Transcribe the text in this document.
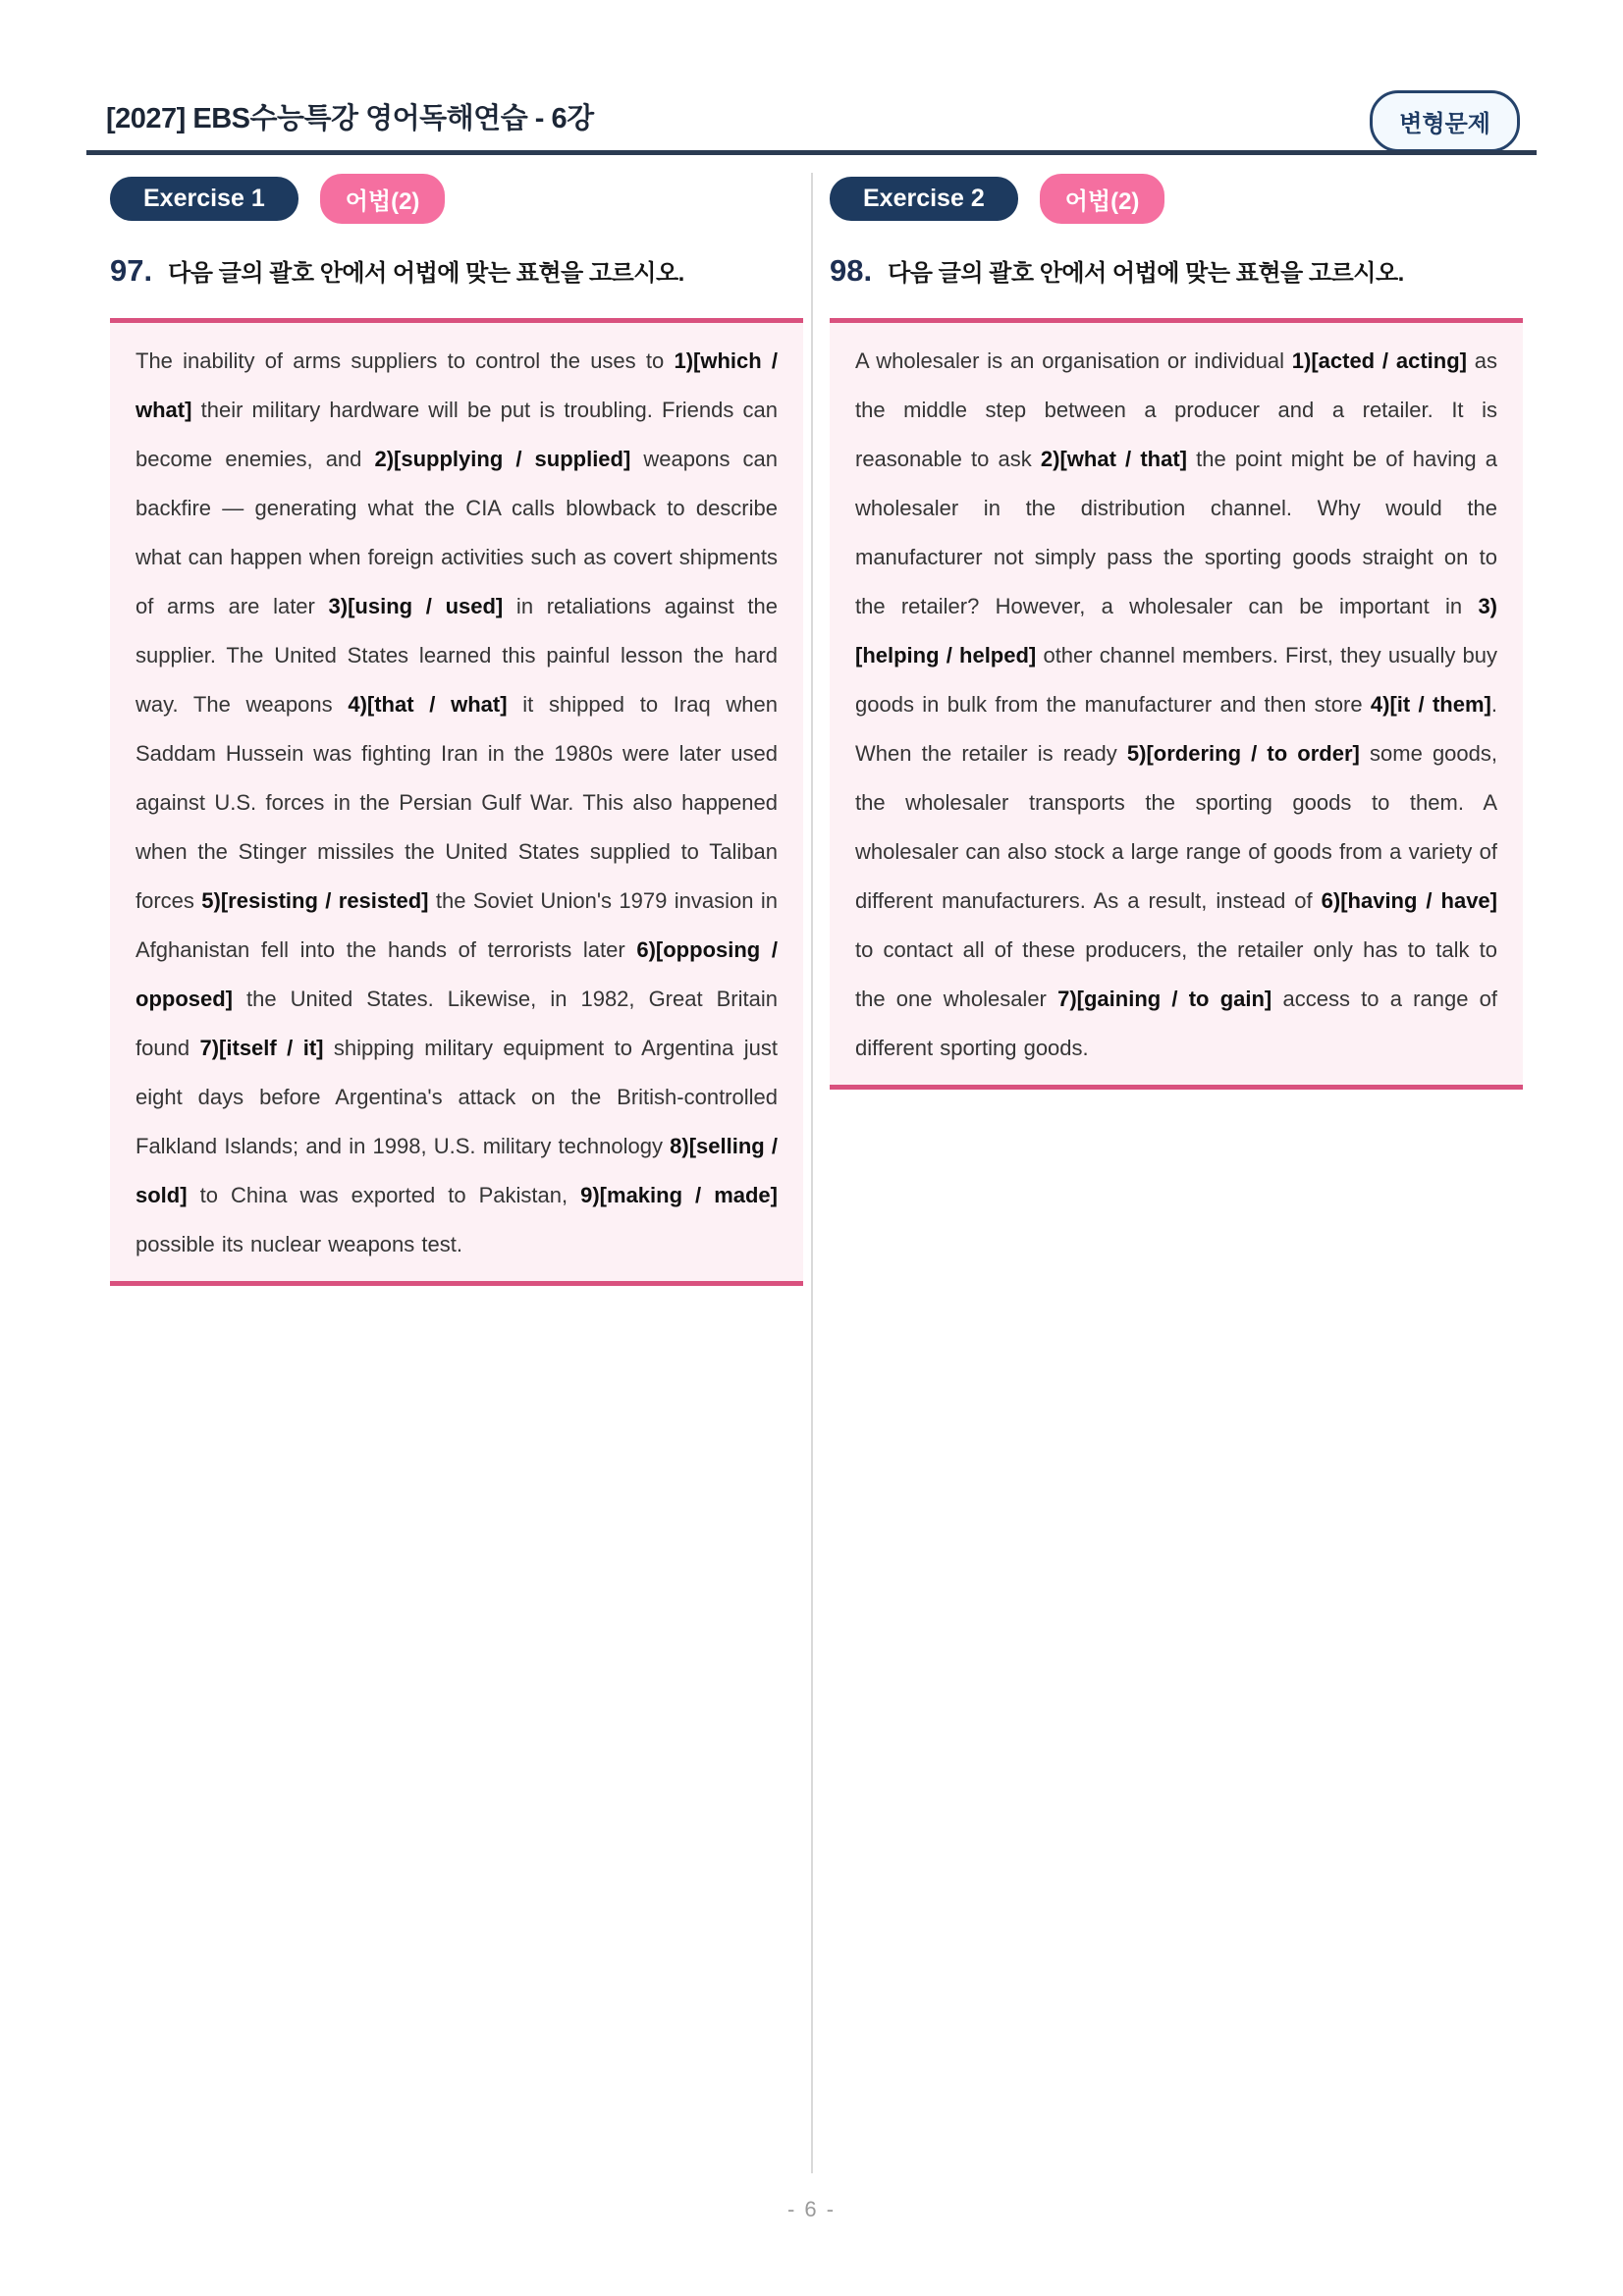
[2027] EBS수능특강 영어독해연습 - 6강	변형문제
Exercise 1	어법(2)
97. 다음 글의 괄호 안에서 어법에 맞는 표현을 고르시오.
The inability of arms suppliers to control the uses to 1)[which / what] their military hardware will be put is troubling. Friends can become enemies, and 2)[supplying / supplied] weapons can backfire — generating what the CIA calls blowback to describe what can happen when foreign activities such as covert shipments of arms are later 3)[using / used] in retaliations against the supplier. The United States learned this painful lesson the hard way. The weapons 4)[that / what] it shipped to Iraq when Saddam Hussein was fighting Iran in the 1980s were later used against U.S. forces in the Persian Gulf War. This also happened when the Stinger missiles the United States supplied to Taliban forces 5)[resisting / resisted] the Soviet Union's 1979 invasion in Afghanistan fell into the hands of terrorists later 6)[opposing / opposed] the United States. Likewise, in 1982, Great Britain found 7)[itself / it] shipping military equipment to Argentina just eight days before Argentina's attack on the British-controlled Falkland Islands; and in 1998, U.S. military technology 8)[selling / sold] to China was exported to Pakistan, 9)[making / made] possible its nuclear weapons test.
Exercise 2	어법(2)
98. 다음 글의 괄호 안에서 어법에 맞는 표현을 고르시오.
A wholesaler is an organisation or individual 1)[acted / acting] as the middle step between a producer and a retailer. It is reasonable to ask 2)[what / that] the point might be of having a wholesaler in the distribution channel. Why would the manufacturer not simply pass the sporting goods straight on to the retailer? However, a wholesaler can be important in 3)[helping / helped] other channel members. First, they usually buy goods in bulk from the manufacturer and then store 4)[it / them]. When the retailer is ready 5)[ordering / to order] some goods, the wholesaler transports the sporting goods to them. A wholesaler can also stock a large range of goods from a variety of different manufacturers. As a result, instead of 6)[having / have] to contact all of these producers, the retailer only has to talk to the one wholesaler 7)[gaining / to gain] access to a range of different sporting goods.
- 6 -
